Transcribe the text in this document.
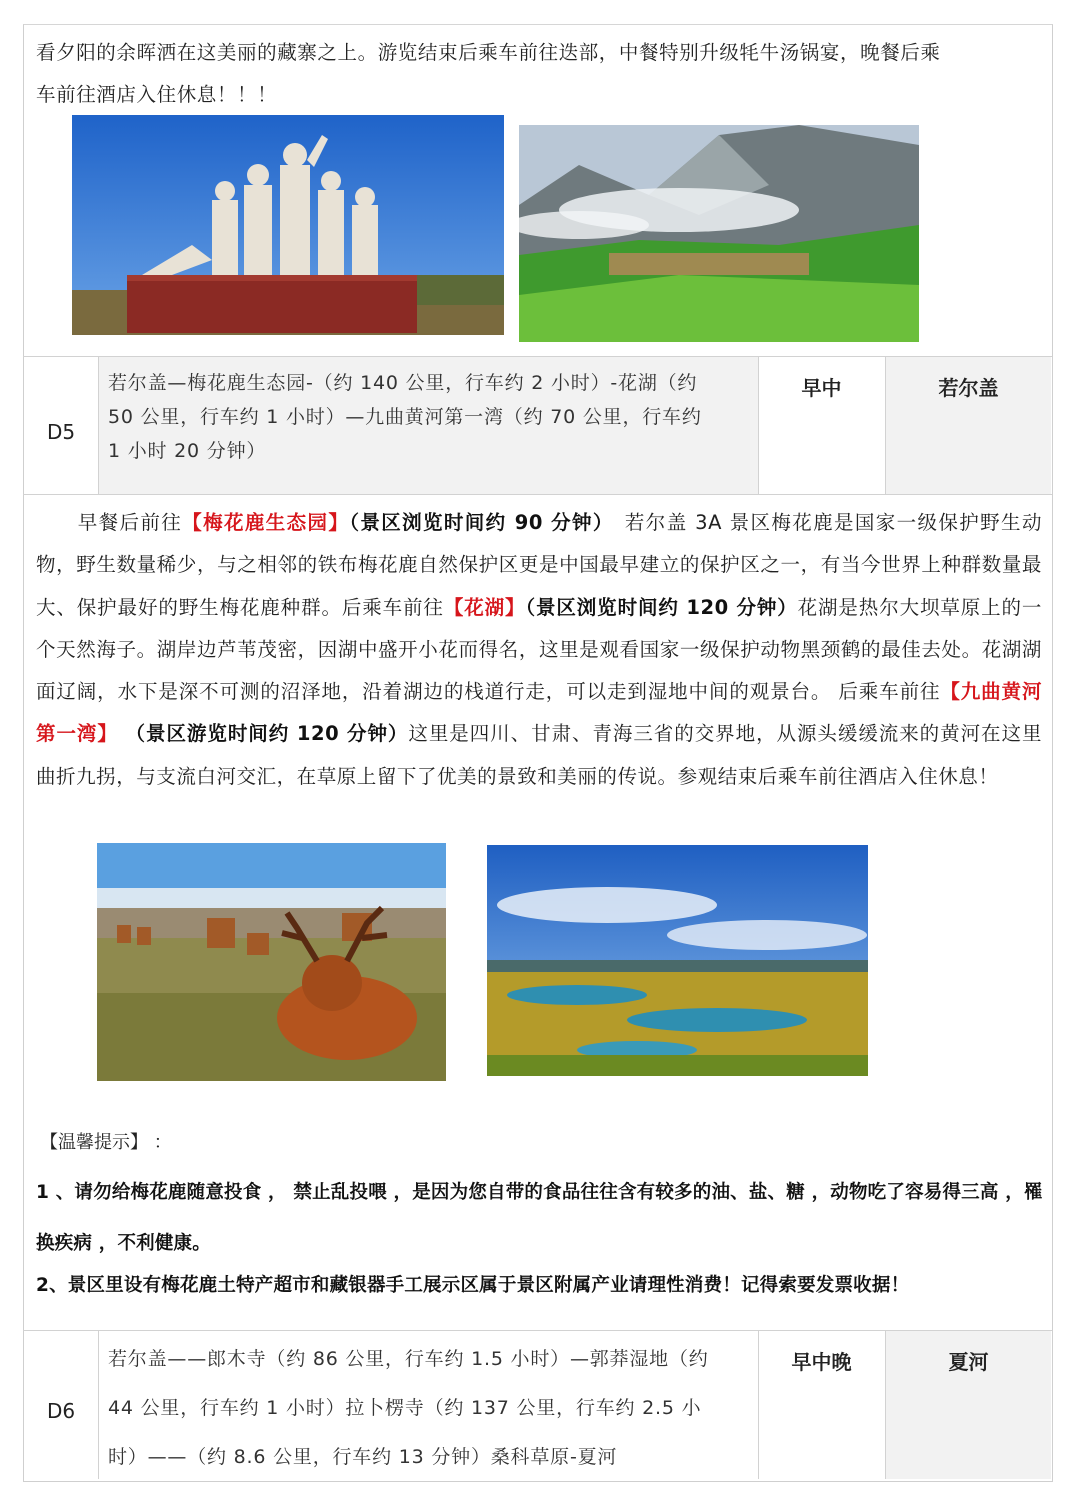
看夕阳的余晖洒在这美丽的藏寨之上。游览结束后乘车前往迭部，中餐特别升级牦牛汤锅宴，晚餐后乘
车前往酒店入住休息！！！
D5
若尔盖—梅花鹿生态园-（约 140 公里，行车约 2 小时）-花湖（约
50 公里，行车约 1 小时）—九曲黄河第一湾（约 70 公里，行车约
1 小时 20 分钟）
早中	若尔盖
　　早餐后前往【梅花鹿生态园】（景区浏览时间约 90 分钟）　若尔盖 3A 景区梅花鹿是国家一级保护野生动物，野生数量稀少，与之相邻的铁布梅花鹿自然保护区更是中国最早建立的保护区之一，有当今世界上种群数量最大、保护最好的野生梅花鹿种群。后乘车前往【花湖】（景区浏览时间约 120 分钟）花湖是热尔大坝草原上的一个天然海子。湖岸边芦苇茂密，因湖中盛开小花而得名，这里是观看国家一级保护动物黑颈鹤的最佳去处。花湖湖面辽阔，水下是深不可测的沼泽地，沿着湖边的栈道行走，可以走到湿地中间的观景台。 后乘车前往【九曲黄河第一湾】 （景区游览时间约 120 分钟）这里是四川、甘肃、青海三省的交界地，从源头缓缓流来的黄河在这里曲折九拐，与支流白河交汇，在草原上留下了优美的景致和美丽的传说。参观结束后乘车前往酒店入住休息！
【温馨提示】 ：
1 、请勿给梅花鹿随意投食 ， 禁止乱投喂 ，是因为您自带的食品往往含有较多的油、盐、糖 ，动物吃了容易得三高 ，罹
换疾病 ，不利健康。
2、景区里设有梅花鹿土特产超市和藏银器手工展示区属于景区附属产业请理性消费！记得索要发票收据！
D6
若尔盖——郎木寺（约 86 公里，行车约 1.5 小时）—郭莽湿地（约
44 公里，行车约 1 小时）拉卜楞寺（约 137 公里，行车约 2.5 小
时）——（约 8.6 公里，行车约 13 分钟）桑科草原-夏河
早中晚	夏河
